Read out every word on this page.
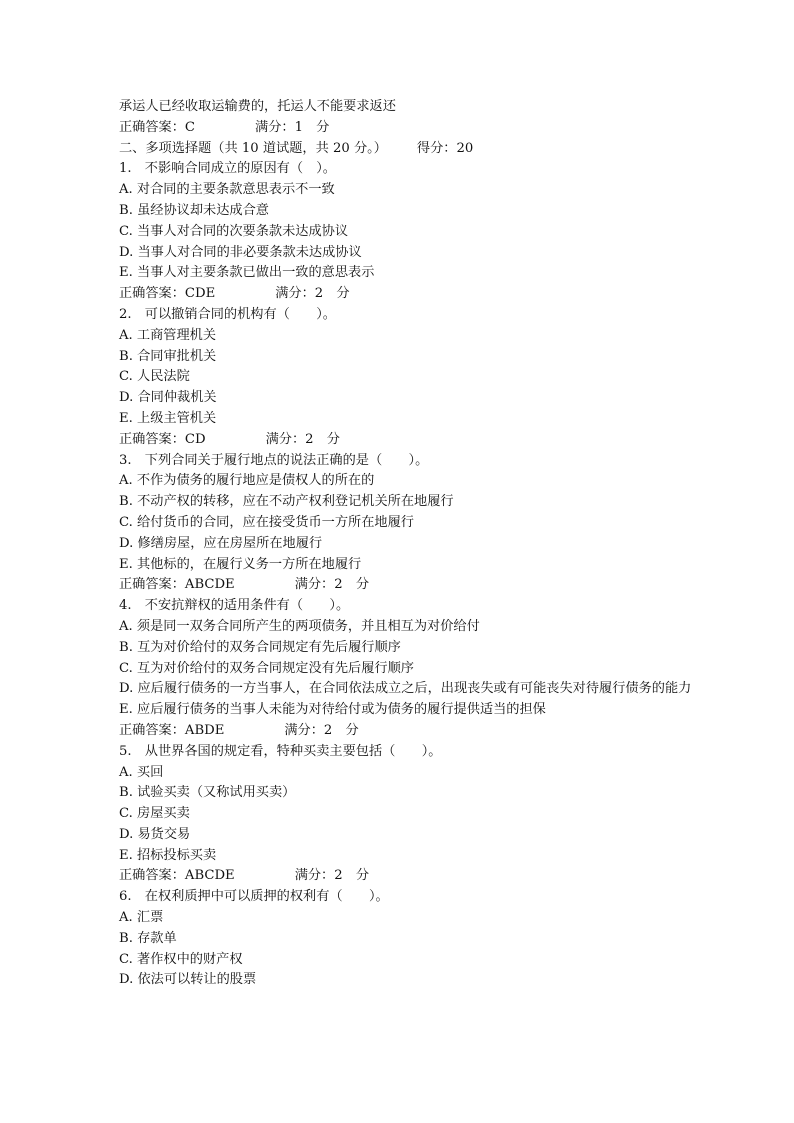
承运人已经收取运输费的，托运人不能要求返还
正确答案：C	满分：1　分
二、多项选择题（共 10 道试题，共 20 分。） 得分：20
1.　不影响合同成立的原因有（　）。
A. 对合同的主要条款意思表示不一致
B. 虽经协议却未达成合意
C. 当事人对合同的次要条款未达成协议
D. 当事人对合同的非必要条款未达成协议
E. 当事人对主要条款已做出一致的意思表示
正确答案：CDE	满分：2　分
2.　可以撤销合同的机构有（　　）。
A. 工商管理机关
B. 合同审批机关
C. 人民法院
D. 合同仲裁机关
E. 上级主管机关
正确答案：CD	满分：2　分
3.　下列合同关于履行地点的说法正确的是（　　）。
A. 不作为债务的履行地应是债权人的所在的
B. 不动产权的转移，应在不动产权利登记机关所在地履行
C. 给付货币的合同，应在接受货币一方所在地履行
D. 修缮房屋，应在房屋所在地履行
E. 其他标的，在履行义务一方所在地履行
正确答案：ABCDE	满分：2　分
4.　不安抗辩权的适用条件有（　　）。
A. 须是同一双务合同所产生的两项债务，并且相互为对价给付
B. 互为对价给付的双务合同规定有先后履行顺序
C. 互为对价给付的双务合同规定没有先后履行顺序
D. 应后履行债务的一方当事人，在合同依法成立之后，出现丧失或有可能丧失对待履行债务的能力
E. 应后履行债务的当事人未能为对待给付或为债务的履行提供适当的担保
正确答案：ABDE	满分：2　分
5.　从世界各国的规定看，特种买卖主要包括（　　）。
A. 买回
B. 试验买卖（又称试用买卖）
C. 房屋买卖
D. 易货交易
E. 招标投标买卖
正确答案：ABCDE	满分：2　分
6.　在权利质押中可以质押的权利有（　　）。
A. 汇票
B. 存款单
C. 著作权中的财产权
D. 依法可以转让的股票
